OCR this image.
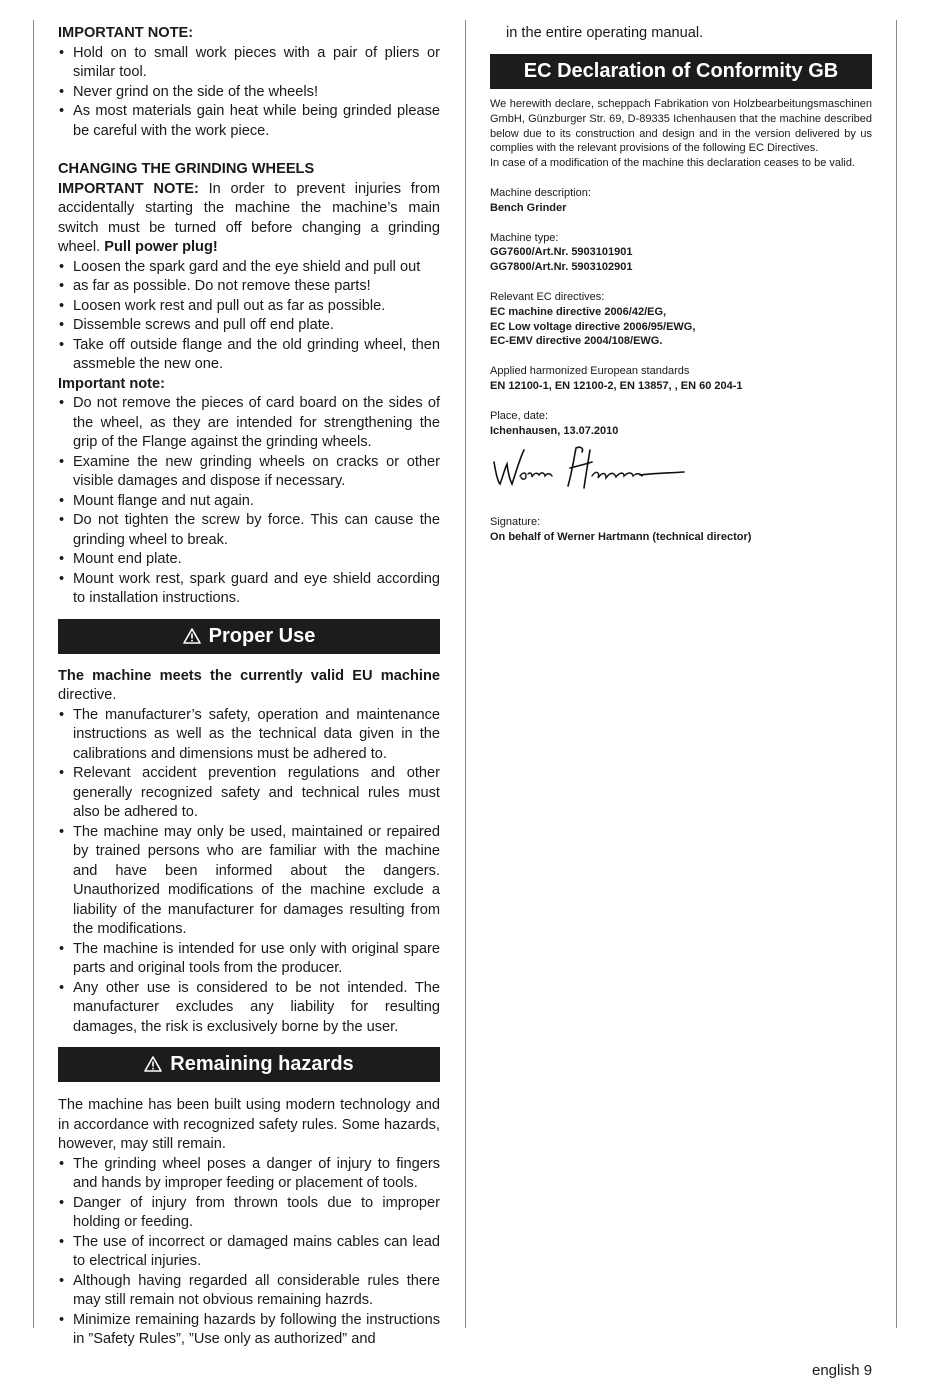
IMPORTANT NOTE:

• Hold on to small work pieces with a pair of pliers or similar tool.
• Never grind on the side of the wheels!
• As most materials gain heat while being grinded please be careful with the work piece.

CHANGING THE GRINDING WHEELS

IMPORTANT NOTE: In order to prevent injuries from accidentally starting the machine the machine’s main switch must be turned off before changing a grinding wheel. Pull power plug!

• Loosen the spark gard and the eye shield and pull out
• as far as possible. Do not remove these parts!
• Loosen work rest and pull out as far as possible.
• Dissemble screws and pull off end plate.
• Take off outside flange and the old grinding wheel, then assmeble the new one.

Important note:

• Do not remove the pieces of card board on the sides of the wheel, as they are intended for strengthening the grip of the Flange against the grinding wheels.
• Examine the new grinding wheels on cracks or other visible damages and dispose if necessary.
• Mount flange and nut again.
• Do not tighten the screw by force. This can cause the grinding wheel to break.
• Mount end plate.
• Mount work rest, spark guard and eye shield according to installation instructions.
Proper Use

The machine meets the currently valid EU machine directive.

• The manufacturer’s safety, operation and maintenance instructions as well as the technical data given in the calibrations and dimensions must be adhered to.
• Relevant accident prevention regulations and other generally recognized safety and technical rules must also be adhered to.
• The machine may only be used, maintained or repaired by trained persons who are familiar with the machine and have been informed about the dangers. Unauthorized modifications of the machine exclude a liability of the manufacturer for damages resulting from the modifications.
• The machine is intended for use only with original spare parts and original tools from the producer.
• Any other use is considered to be not intended. The manufacturer excludes any liability for resulting damages, the risk is exclusively borne by the user.
Remaining hazards

The machine has been built using modern technology and in accordance with recognized safety rules. Some hazards, however, may still remain.

• The grinding wheel poses a danger of injury to fingers and hands by improper feeding or placement of tools.
• Danger of injury from thrown tools due to improper holding or feeding.
• The use of incorrect or damaged mains cables can lead to electrical injuries.
• Although having regarded all considerable rules there may still remain not obvious remaining hazrds.
• Minimize remaining hazards by following the instructions in ”Safety Rules”, ”Use only as authorized” and
in the entire operating manual.
EC Declaration of Conformity GB

We herewith declare, scheppach Fabrikation von Holzbearbeitungsmaschinen GmbH, Günzburger Str. 69, D-89335 Ichenhausen that the machine described below due to its construction and design and in the version delivered by us complies with the relevant provisions of the following EC Directives.

In case of a modification of the machine this declaration ceases to be valid.

Machine description:

Bench Grinder

Machine type:

GG7600/Art.Nr. 5903101901

GG7800/Art.Nr. 5903102901

Relevant EC directives:

EC machine directive 2006/42/EG,

EC Low voltage directive 2006/95/EWG,

EC-EMV directive 2004/108/EWG.

Applied harmonized European standards

EN 12100-1, EN 12100-2, EN 13857, , EN 60 204-1

Place, date:

Ichenhausen, 13.07.2010

Signature:

On behalf of Werner Hartmann (technical director)

english 9
